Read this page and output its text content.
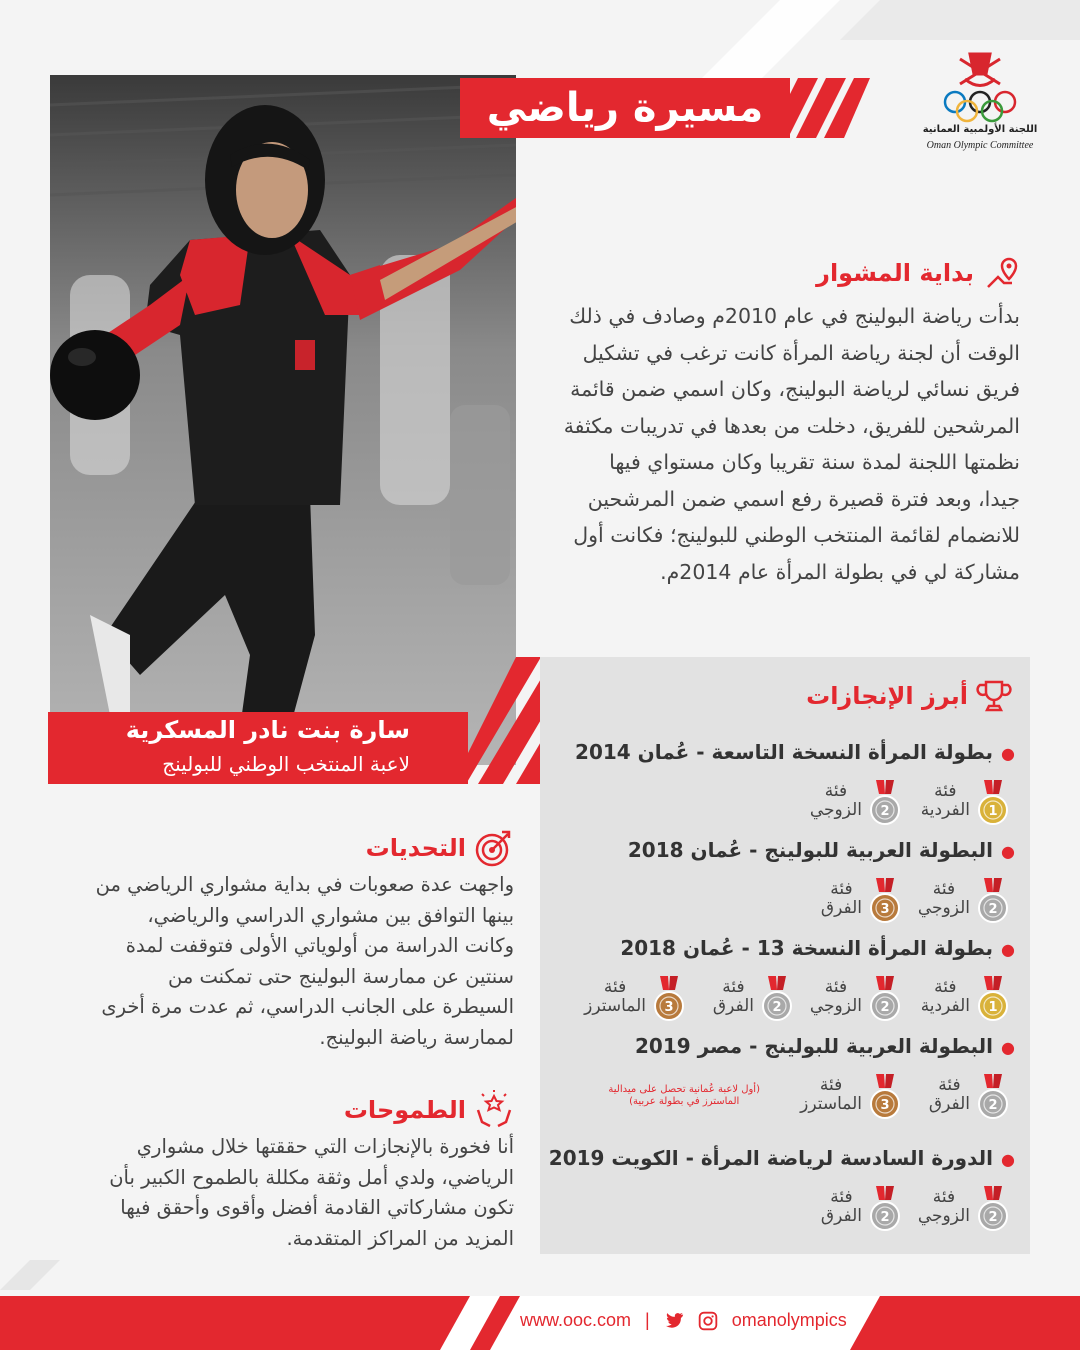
مسيرة رياضي	اللجنة الأولمبية العمانية
Oman Olympic Committee
سارة بنت نادر المسكرية
لاعبة المنتخب الوطني للبولينج
بداية المشوار
بدأت رياضة البولينج في عام 2010م وصادف في ذلك
الوقت أن لجنة رياضة المرأة كانت ترغب في تشكيل
فريق نسائي لرياضة البولينج، وكان اسمي ضمن قائمة
المرشحين للفريق، دخلت من بعدها في تدريبات مكثفة
نظمتها اللجنة لمدة سنة تقريبا وكان مستواي فيها
جيدا، وبعد فترة قصيرة رفع اسمي ضمن المرشحين
للانضمام لقائمة المنتخب الوطني للبولينج؛ فكانت أول
مشاركة لي في بطولة المرأة عام 2014م.
أبرز الإنجازات
●بطولة المرأة النسخة التاسعة - عُمان 2014
1
فئة
الفردية
2
فئة
الزوجي
●البطولة العربية للبولينج - عُمان 2018
2
فئة
الزوجي
3
فئة
الفرق
●بطولة المرأة النسخة 13 - عُمان 2018
1
فئة
الفردية
2
فئة
الزوجي
2
فئة
الفرق
3
فئة
الماسترز
●البطولة العربية للبولينج - مصر 2019
2
فئة
الفرق
3
فئة
الماسترز
(أول لاعبة عُمانية تحصل على ميدالية
الماسترز في بطولة عربية)
●الدورة السادسة لرياضة المرأة - الكويت 2019
2
فئة
الزوجي
2
فئة
الفرق
التحديات
واجهت عدة صعوبات في بداية مشواري الرياضي من
بينها التوافق بين مشواري الدراسي والرياضي،
وكانت الدراسة من أولوياتي الأولى فتوقفت لمدة
سنتين عن ممارسة البولينج حتى تمكنت من
السيطرة على الجانب الدراسي، ثم عدت مرة أخرى
لممارسة رياضة البولينج.
الطموحات
أنا فخورة بالإنجازات التي حققتها خلال مشواري
الرياضي، ولدي أمل وثقة مكللة بالطموح الكبير بأن
تكون مشاركاتي القادمة أفضل وأقوى وأحقق فيها
المزيد من المراكز المتقدمة.
www.ooc.com |	omanolympics
